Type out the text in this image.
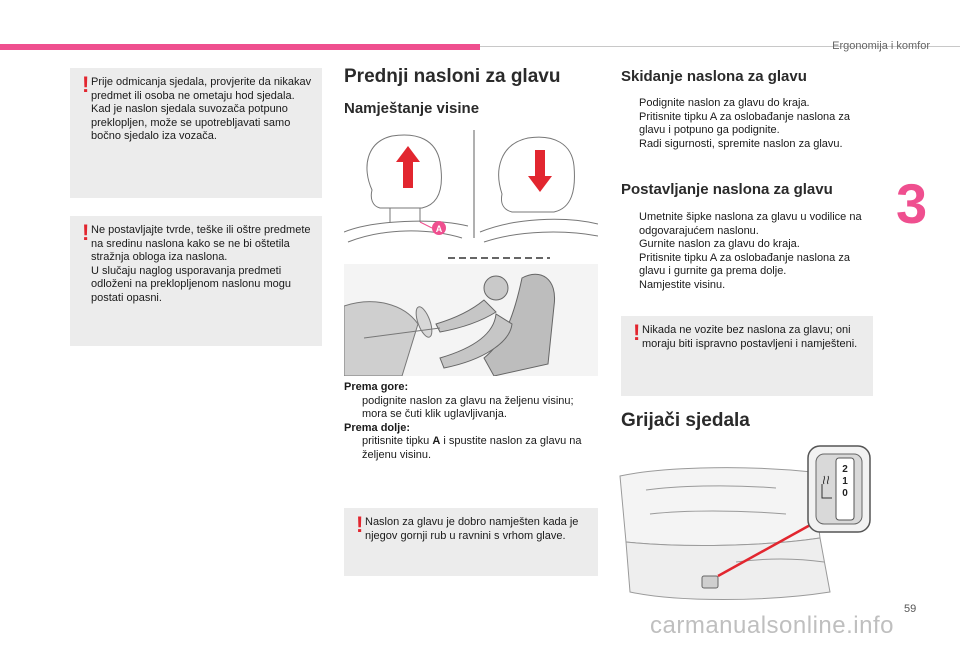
Ergonomija i komfor
3
! Prije odmicanja sjedala, provjerite da nikakav predmet ili osoba ne ometaju hod sjedala.
Kad je naslon sjedala suvozača potpuno preklopljen, može se upotrebljavati samo bočno sjedalo iza vozača.
! Ne postavljajte tvrde, teške ili oštre predmete na sredinu naslona kako se ne bi oštetila stražnja obloga iza naslona.
U slučaju naglog usporavanja predmeti odloženi na preklopljenom naslonu mogu postati opasni.
Prednji nasloni za glavu
Namještanje visine
A
Prema gore:
podignite naslon za glavu na željenu visinu; mora se čuti klik uglavljivanja.
Prema dolje:
pritisnite tipku A i spustite naslon za glavu na željenu visinu.
! Naslon za glavu je dobro namješten kada je njegov gornji rub u ravnini s vrhom glave.
Skidanje naslona za glavu
Podignite naslon za glavu do kraja.
Pritisnite tipku A za oslobađanje naslona za glavu i potpuno ga podignite.
Radi sigurnosti, spremite naslon za glavu.
Postavljanje naslona za glavu
Umetnite šipke naslona za glavu u vodilice na odgovarajućem naslonu.
Gurnite naslon za glavu do kraja.
Pritisnite tipku A za oslobađanje naslona za glavu i gurnite ga prema dolje.
Namjestite visinu.
! Nikada ne vozite bez naslona za glavu; oni moraju biti ispravno postavljeni i namješteni.
Grijači sjedala
2
1
0
59
carmanualsonline.info
